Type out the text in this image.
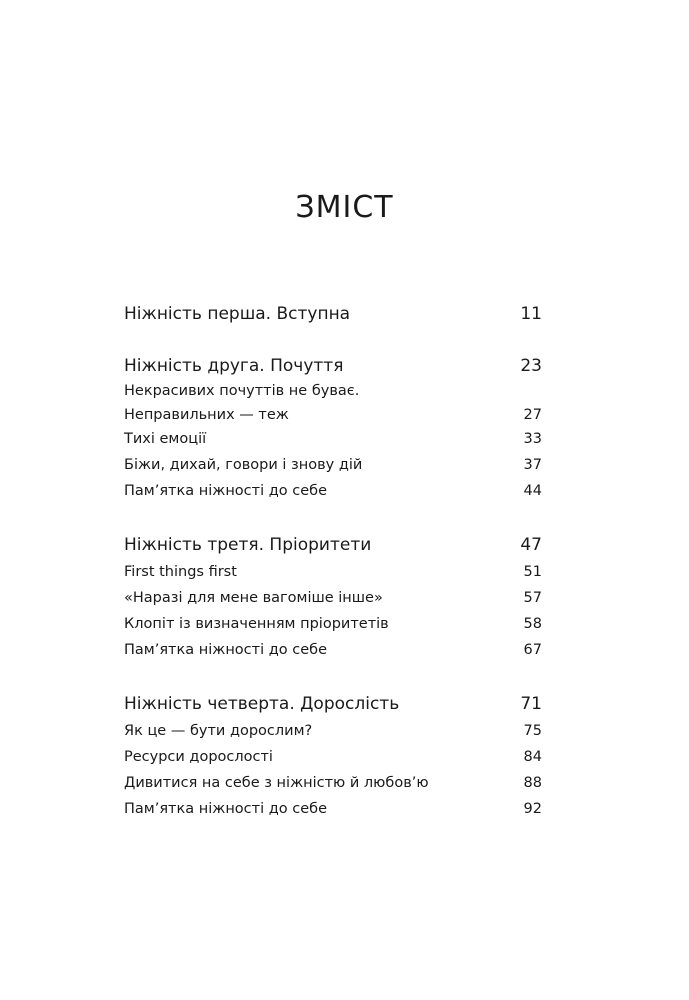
ЗМІСТ
Ніжність перша. Вступна	11
Ніжність друга. Почуття	23
Некрасивих почуттів не буває.
Неправильних — теж	27
Тихі емоції	33
Біжи, дихай, говори і знову дій	37
Пам’ятка ніжності до себе	44
Ніжність третя. Пріоритети	47
First things first	51
«Наразі для мене вагоміше інше»	57
Клопіт із визначенням пріоритетів	58
Пам’ятка ніжності до себе	67
Ніжність четверта. Дорослість	71
Як це — бути дорослим?	75
Ресурси дорослості	84
Дивитися на себе з ніжністю й любов’ю	88
Пам’ятка ніжності до себе	92
